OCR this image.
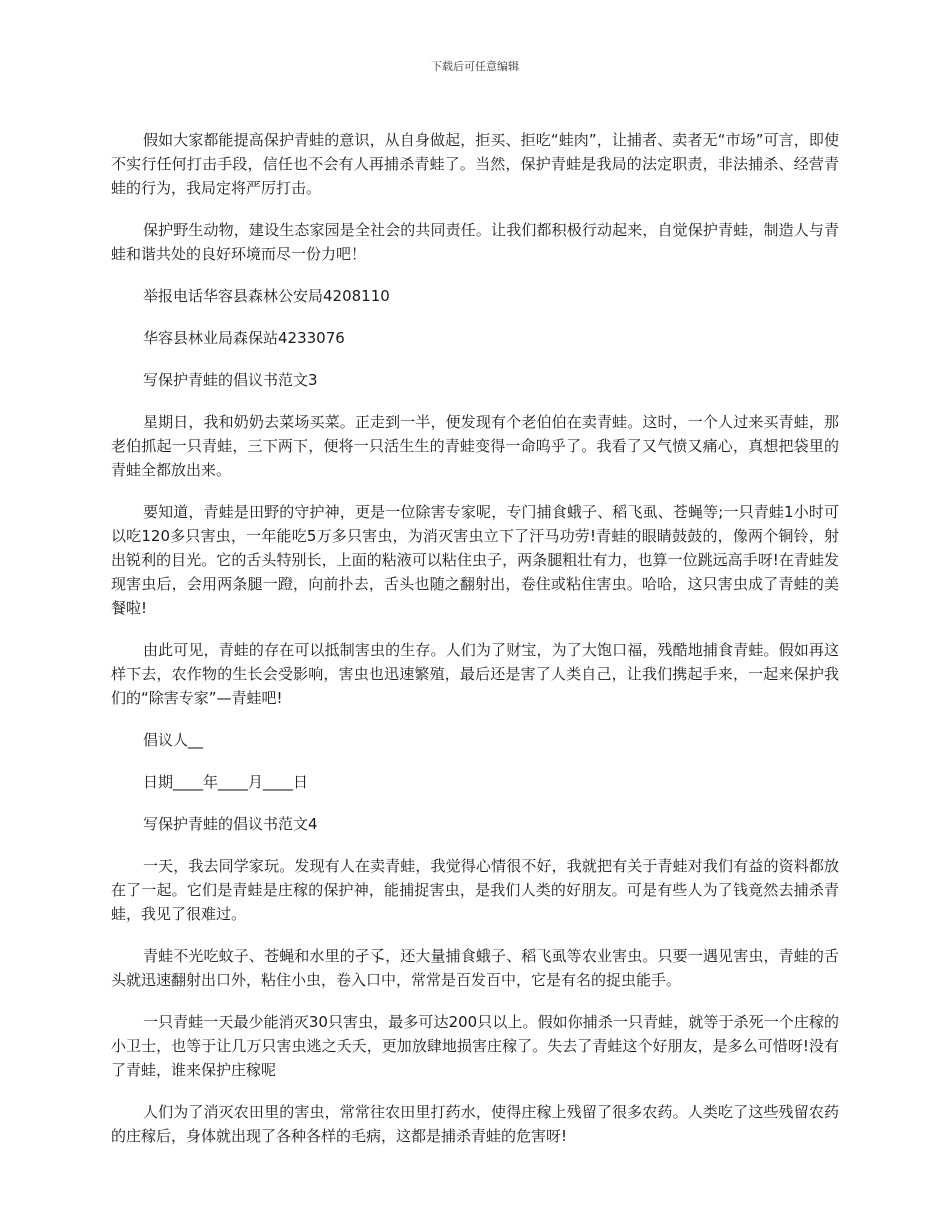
下载后可任意编辑

假如大家都能提高保护青蛙的意识，从自身做起，拒买、拒吃“蛙肉”，让捕者、卖者无“市场”可言，即使不实行任何打击手段，信任也不会有人再捕杀青蛙了。当然，保护青蛙是我局的法定职责，非法捕杀、经营青蛙的行为，我局定将严厉打击。

保护野生动物，建设生态家园是全社会的共同责任。让我们都积极行动起来，自觉保护青蛙，制造人与青蛙和谐共处的良好环境而尽一份力吧！

举报电话华容县森林公安局4208110

华容县林业局森保站4233076

写保护青蛙的倡议书范文3

星期日，我和奶奶去菜场买菜。正走到一半，便发现有个老伯伯在卖青蛙。这时，一个人过来买青蛙，那老伯抓起一只青蛙，三下两下，便将一只活生生的青蛙变得一命呜乎了。我看了又气愤又痛心，真想把袋里的青蛙全都放出来。

要知道，青蛙是田野的守护神，更是一位除害专家呢，专门捕食蛾子、稻飞虱、苍蝇等;一只青蛙1小时可以吃120多只害虫，一年能吃5万多只害虫，为消灭害虫立下了汗马功劳!青蛙的眼睛鼓鼓的，像两个铜铃，射出锐利的目光。它的舌头特别长，上面的粘液可以粘住虫子，两条腿粗壮有力，也算一位跳远高手呀!在青蛙发现害虫后，会用两条腿一蹬，向前扑去，舌头也随之翻射出，卷住或粘住害虫。哈哈，这只害虫成了青蛙的美餐啦!

由此可见，青蛙的存在可以抵制害虫的生存。人们为了财宝，为了大饱口福，残酷地捕食青蛙。假如再这样下去，农作物的生长会受影响，害虫也迅速繁殖，最后还是害了人类自己，让我们携起手来，一起来保护我们的“除害专家”—青蛙吧!

倡议人__

日期____年____月____日

写保护青蛙的倡议书范文4

一天，我去同学家玩。发现有人在卖青蛙，我觉得心情很不好，我就把有关于青蛙对我们有益的资料都放在了一起。它们是青蛙是庄稼的保护神，能捕捉害虫，是我们人类的好朋友。可是有些人为了钱竟然去捕杀青蛙，我见了很难过。

青蛙不光吃蚊子、苍蝇和水里的孑孓，还大量捕食蛾子、稻飞虱等农业害虫。只要一遇见害虫，青蛙的舌头就迅速翻射出口外，粘住小虫，卷入口中，常常是百发百中，它是有名的捉虫能手。

一只青蛙一天最少能消灭30只害虫，最多可达200只以上。假如你捕杀一只青蛙，就等于杀死一个庄稼的小卫士，也等于让几万只害虫逃之夭夭，更加放肆地损害庄稼了。失去了青蛙这个好朋友，是多么可惜呀!没有了青蛙，谁来保护庄稼呢

人们为了消灭农田里的害虫，常常往农田里打药水，使得庄稼上残留了很多农药。人类吃了这些残留农药的庄稼后，身体就出现了各种各样的毛病，这都是捕杀青蛙的危害呀!
